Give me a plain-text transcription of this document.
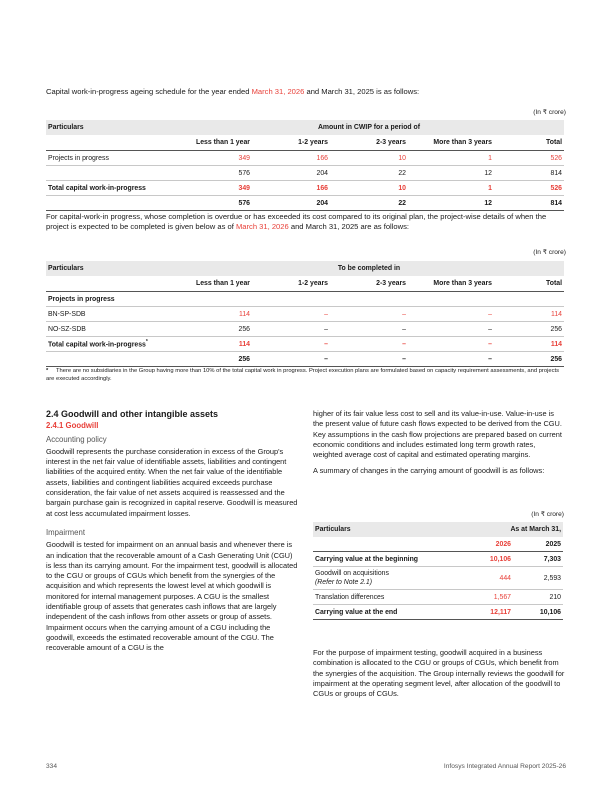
Capital work-in-progress ageing schedule for the year ended March 31, 2026 and March 31, 2025 is as follows:
(In ₹ crore)
Particulars	Amount in CWIP for a period of				
	Less than 1 year	1-2 years	2-3 years	More than 3 years	Total
Projects in progress	349	166	10	1	526
	576	204	22	12	814
Total capital work-in-progress	349	166	10	1	526
	576	204	22	12	814
For capital-work-in progress, whose completion is overdue or has exceeded its cost compared to its original plan, the project-wise details of when the project is expected to be completed is given below as of March 31, 2026 and March 31, 2025 are as follows:
(In ₹ crore)
Particulars	To be completed in				
	Less than 1 year	1-2 years	2-3 years	More than 3 years	Total
Projects in progress					
BN-SP-SDB	114	–	–	–	114
NO-SZ-SDB	256	–	–	–	256
Total capital work-in-progress*	114	–	–	–	114
	256	–	–	–	256
* There are no subsidiaries in the Group having more than 10% of the total capital work in progress. Project execution plans are formulated based on capacity requirement assessments, and projects are executed accordingly.
2.4 Goodwill and other intangible assets
2.4.1 Goodwill
Accounting policy

Goodwill represents the purchase consideration in excess of the Group's interest in the net fair value of identifiable assets, liabilities and contingent liabilities of the acquired entity. When the net fair value of the identifiable assets, liabilities and contingent liabilities acquired exceeds purchase consideration, the fair value of net assets acquired is reassessed and the bargain purchase gain is recognized in capital reserve. Goodwill is measured at cost less accumulated impairment losses.

Impairment

Goodwill is tested for impairment on an annual basis and whenever there is an indication that the recoverable amount of a Cash Generating Unit (CGU) is less than its carrying amount. For the impairment test, goodwill is allocated to the CGU or groups of CGUs which benefit from the synergies of the acquisition and which represents the lowest level at which goodwill is monitored for internal management purposes. A CGU is the smallest identifiable group of assets that generates cash inflows that are largely independent of the cash inflows from other assets or group of assets. Impairment occurs when the carrying amount of a CGU including the goodwill, exceeds the estimated recoverable amount of the CGU. The recoverable amount of a CGU is the

higher of its fair value less cost to sell and its value-in-use. Value-in-use is the present value of future cash flows expected to be derived from the CGU. Key assumptions in the cash flow projections are prepared based on current economic conditions and includes estimated long term growth rates, weighted average cost of capital and estimated operating margins.

A summary of changes in the carrying amount of goodwill is as follows:

(In ₹ crore)
Particulars	As at March 31,	
	2026	2025
Carrying value at the beginning	10,106	7,303
Goodwill on acquisitions
(Refer to Note 2.1)	444	2,593
Translation differences	1,567	210
Carrying value at the end	12,117	10,106
For the purpose of impairment testing, goodwill acquired in a business combination is allocated to the CGU or groups of CGUs, which benefit from the synergies of the acquisition. The Group internally reviews the goodwill for impairment at the operating segment level, after allocation of the goodwill to CGUs or groups of CGUs.
334	Infosys Integrated Annual Report 2025-26
